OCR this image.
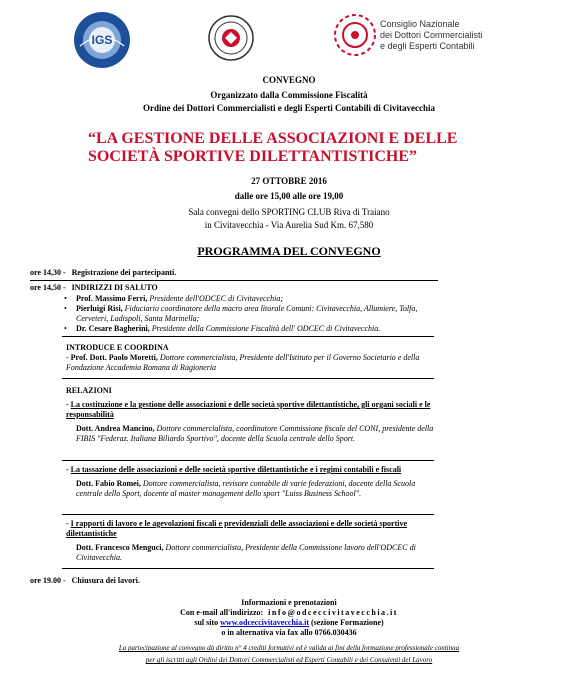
IGS
Consiglio Nazionale
dei Dottori Commercialisti
e degli Esperti Contabili
CONVEGNO
Organizzato dalla Commissione Fiscalità
Ordine dei Dottori Commercialisti e degli Esperti Contabili di Civitavecchia
“LA GESTIONE DELLE ASSOCIAZIONI E DELLE
SOCIETÀ SPORTIVE DILETTANTISTICHE”
27 OTTOBRE 2016
dalle ore 15,00 alle ore 19,00
Sala convegni dello SPORTING CLUB Riva di Traiano
in Civitavecchia - Via Aurelia Sud Km. 67,580
PROGRAMMA DEL CONVEGNO
ore 14,30 - Registrazione dei partecipanti.
ore 14,50 - INDIRIZZI DI SALUTO
• Prof. Massimo Ferri, Presidente dell'ODCEC di Civitavecchia;
• Pierluigi Risi, Fiduciario coordinatore della macro area litorale Comuni: Civitavecchia, Allumiere, Tolfa, Cerveteri, Ladispoli, Santa Marinella;
• Dr. Cesare Bagherini, Presidente della Commissione Fiscalità dell' ODCEC di Civitavecchia.
INTRODUCE E COORDINA
- Prof. Dott. Paolo Moretti, Dottore commercialista, Presidente dell'Istituto per il Governo Societario e della Fondazione Accademia Romana di Ragioneria
RELAZIONI
- La costituzione e la gestione delle associazioni e delle società sportive dilettantistiche, gli organi sociali e le responsabilità
Dott. Andrea Mancino, Dottore commercialista, coordinatore Commissione fiscale del CONI, presidente della FIBIS "Federaz. Italiana Biliardo Sportivo", docente della Scuola centrale dello Sport.
- La tassazione delle associazioni e delle società sportive dilettantistiche e i regimi contabili e fiscali
Dott. Fabio Romei, Dottore commercialista, revisore contabile di varie federazioni, docente della Scuola centrale dello Sport, docente al master management dello sport "Luiss Business School".
- I rapporti di lavoro e le agevolazioni fiscali e previdenziali delle associazioni e delle società sportive dilettantistiche
Dott. Francesco Menguci, Dottore commercialista, Presidente della Commissione lavoro dell'ODCEC di Civitavecchia.
ore 19.00 - Chiusura dei lavori.
Informazioni e prenotazioni
Con e-mail all'indirizzo: info@odceccivitavecchia.it
sul sito www.odceccivitavecchia.it (sezione Formazione)
o in alternativa via fax allo 0766.030436
La partecipazione al convegno dà diritto n° 4 crediti formativi ed è valida ai fini della formazione professionale continua
per gli iscritti agli Ordini dei Dottori Commercialisti ed Esperti Contabili e dei Consulenti del Lavoro
